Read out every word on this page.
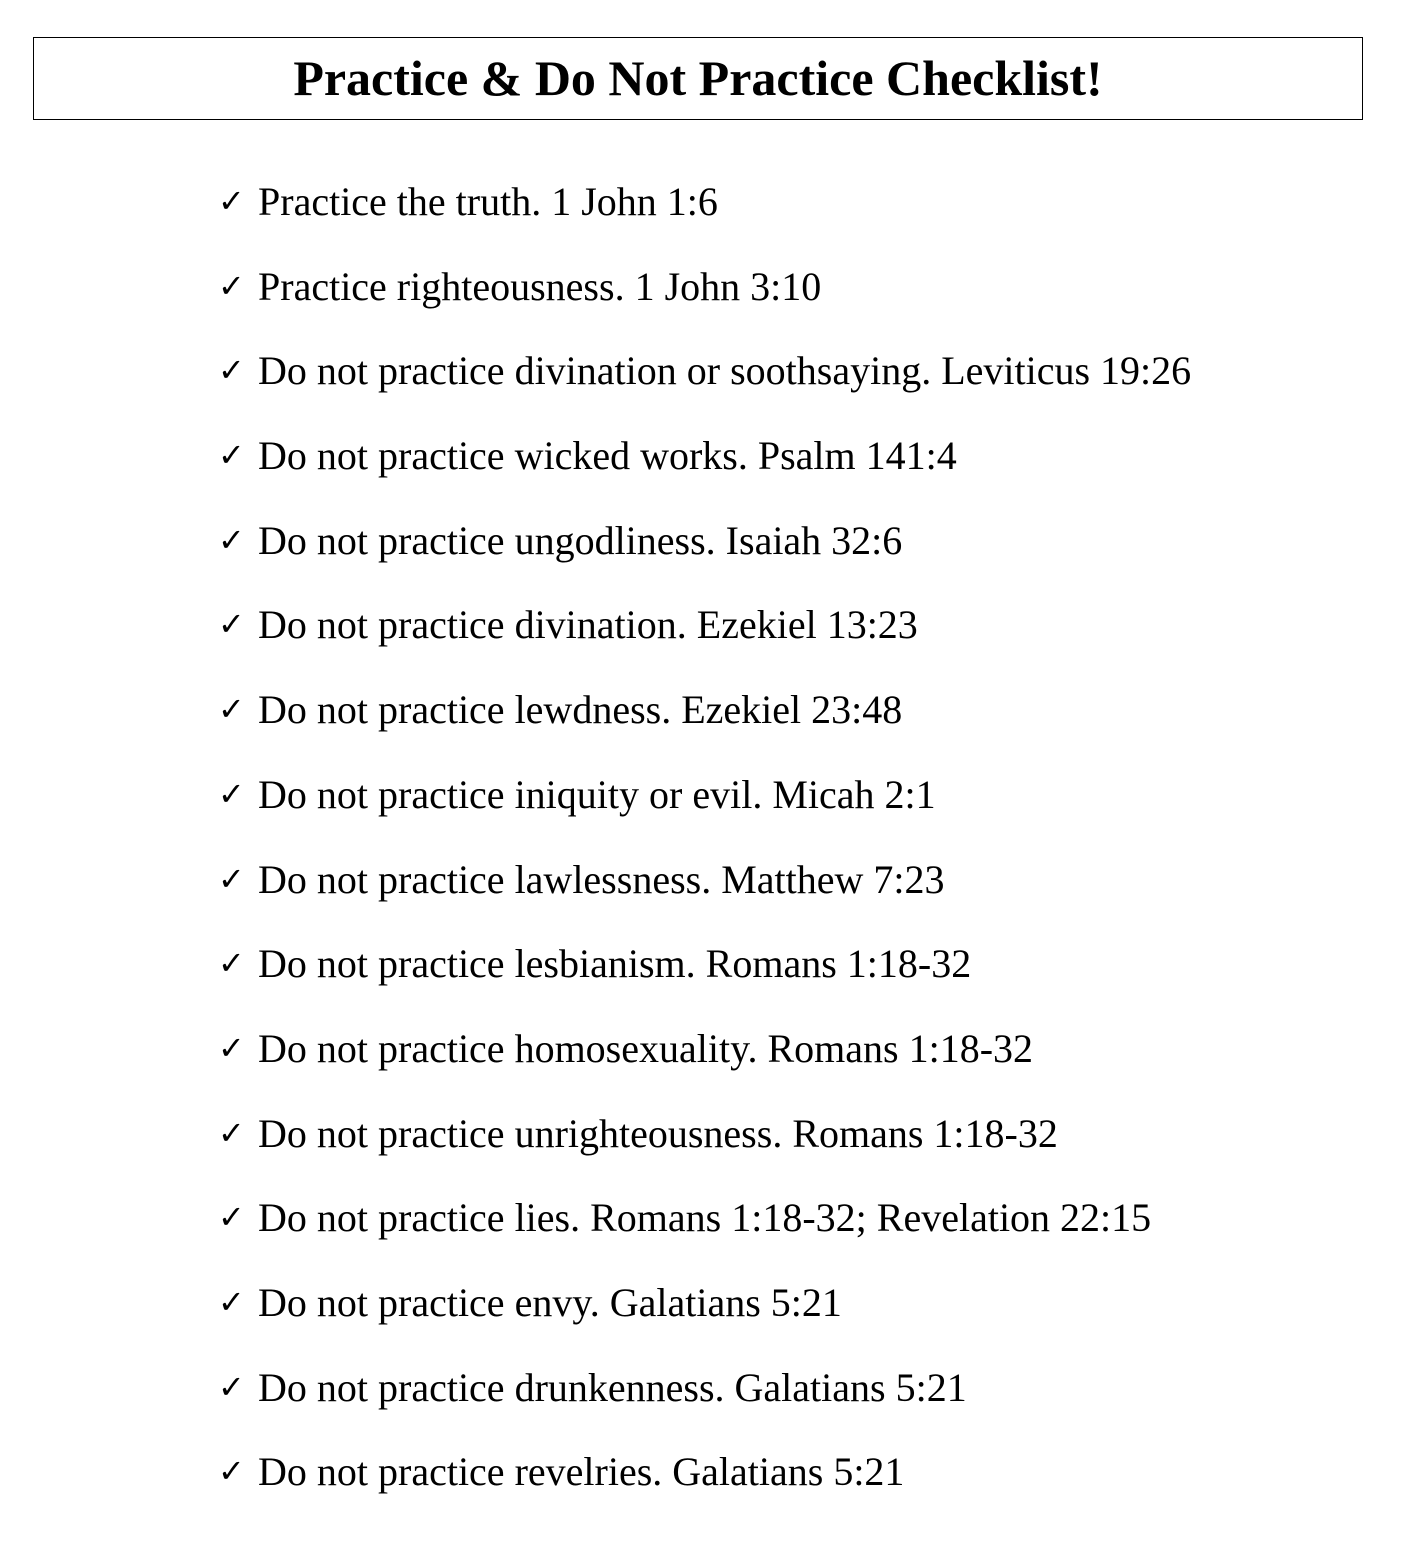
Practice & Do Not Practice Checklist!
✓ Practice the truth. 1 John 1:6
✓ Practice righteousness. 1 John 3:10
✓ Do not practice divination or soothsaying. Leviticus 19:26
✓ Do not practice wicked works. Psalm 141:4
✓ Do not practice ungodliness. Isaiah 32:6
✓ Do not practice divination. Ezekiel 13:23
✓ Do not practice lewdness. Ezekiel 23:48
✓ Do not practice iniquity or evil. Micah 2:1
✓ Do not practice lawlessness. Matthew 7:23
✓ Do not practice lesbianism. Romans 1:18-32
✓ Do not practice homosexuality. Romans 1:18-32
✓ Do not practice unrighteousness. Romans 1:18-32
✓ Do not practice lies. Romans 1:18-32; Revelation 22:15
✓ Do not practice envy. Galatians 5:21
✓ Do not practice drunkenness. Galatians 5:21
✓ Do not practice revelries. Galatians 5:21
